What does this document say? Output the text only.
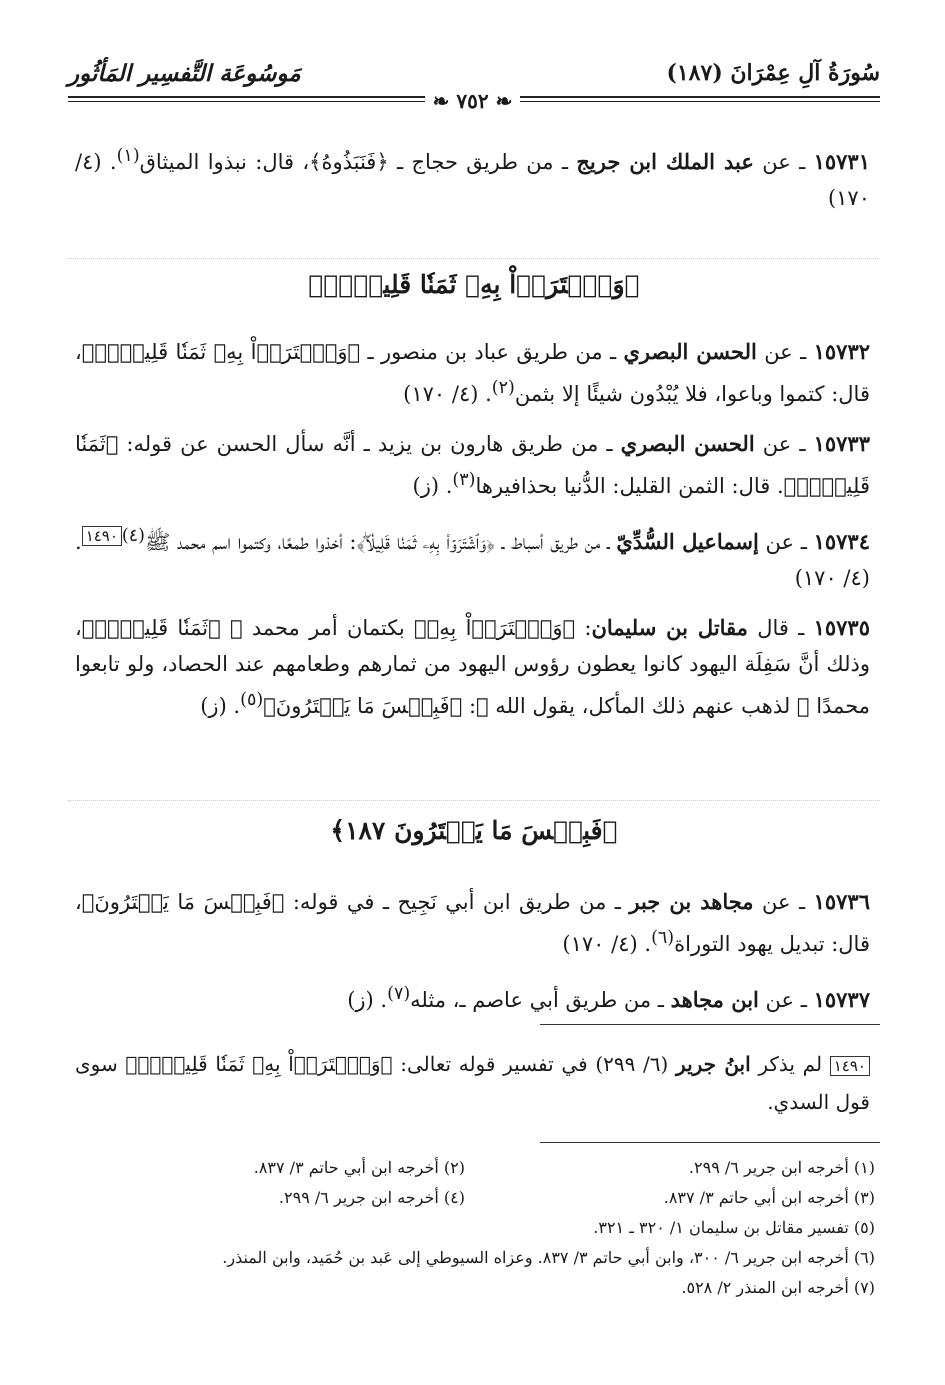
سُورَةُ آلِ عِمْرَانَ (١٨٧)
مَوسُوعَة التَّفسِير المَأثُور
❧ ٧٥٢ ❧
١٥٧٣١ ـ عن عبد الملك ابن جريج ـ من طريق حجاج ـ ﴿فَنَبَذُوهُ﴾، قال: نبذوا الميثاق$^{(١)}$. (٤/ ١٧٠)
﴿وَٱشۡتَرَوۡاْ بِهِۦ ثَمَنٗا قَلِيلٗاۖ﴾
١٥٧٣٢ ـ عن الحسن البصري ـ من طريق عباد بن منصور ـ ﴿وَٱشۡتَرَوۡاْ بِهِۦ ثَمَنٗا قَلِيلٗاۖ﴾، قال: كتموا وباعوا، فلا يُبْدُون شيئًا إلا بثمن$^{(٢)}$. (٤/ ١٧٠)
١٥٧٣٣ ـ عن الحسن البصري ـ من طريق هارون بن يزيد ـ أنَّه سأل الحسن عن قوله: ﴿ثَمَنٗا قَلِيلٗاۖ﴾. قال: الثمن القليل: الدُّنيا بحذافيرها$^{(٣)}$. (ز)
١٥٧٣٤ ـ عن إسماعيل السُّدِّيّ ـ من طريق أسباط ـ ﴿وَٱشۡتَرَوۡاْ بِهِۦ ثَمَنٗا قَلِيلٗاۖ﴾: أخذوا طمعًا، وكتموا اسم محمد ﷺ$^{(٤)١٤٩٠}$. (٤/ ١٧٠)
١٥٧٣٥ ـ قال مقاتل بن سليمان: ﴿وَٱشۡتَرَوۡاْ بِهِۦ﴾ بكتمان أمر محمد ﷺ ﴿ثَمَنٗا قَلِيلٗاۖ﴾، وذلك أنَّ سَفِلَة اليهود كانوا يعطون رؤوس اليهود من ثمارهم وطعامهم عند الحصاد، ولو تابعوا محمدًا ﷺ لذهب عنهم ذلك المأكل، يقول الله ﷻ: ﴿فَبِئۡسَ مَا يَشۡتَرُونَ﴾$^{(٥)}$. (ز)
﴿فَبِئۡسَ مَا يَشۡتَرُونَ ١٨٧﴾
١٥٧٣٦ ـ عن مجاهد بن جبر ـ من طريق ابن أبي نَجِيح ـ في قوله: ﴿فَبِئۡسَ مَا يَشۡتَرُونَ﴾، قال: تبديل يهود التوراة$^{(٦)}$. (٤/ ١٧٠)
١٥٧٣٧ ـ عن ابن مجاهد ـ من طريق أبي عاصم ـ، مثله$^{(٧)}$. (ز)
١٤٩٠ لم يذكر ابنُ جرير (٦/ ٢٩٩) في تفسير قوله تعالى: ﴿وَٱشۡتَرَوۡاْ بِهِۦ ثَمَنٗا قَلِيلٗاۖ﴾ سوى قول السدي.
(١) أخرجه ابن جرير ٦/ ٢٩٩.
(٢) أخرجه ابن أبي حاتم ٣/ ٨٣٧.
(٣) أخرجه ابن أبي حاتم ٣/ ٨٣٧.
(٤) أخرجه ابن جرير ٦/ ٢٩٩.
(٥) تفسير مقاتل بن سليمان ١/ ٣٢٠ ـ ٣٢١.
(٦) أخرجه ابن جرير ٦/ ٣٠٠، وابن أبي حاتم ٣/ ٨٣٧. وعزاه السيوطي إلى عَبد بن حُمَيد، وابن المنذر.
(٧) أخرجه ابن المنذر ٢/ ٥٢٨.
